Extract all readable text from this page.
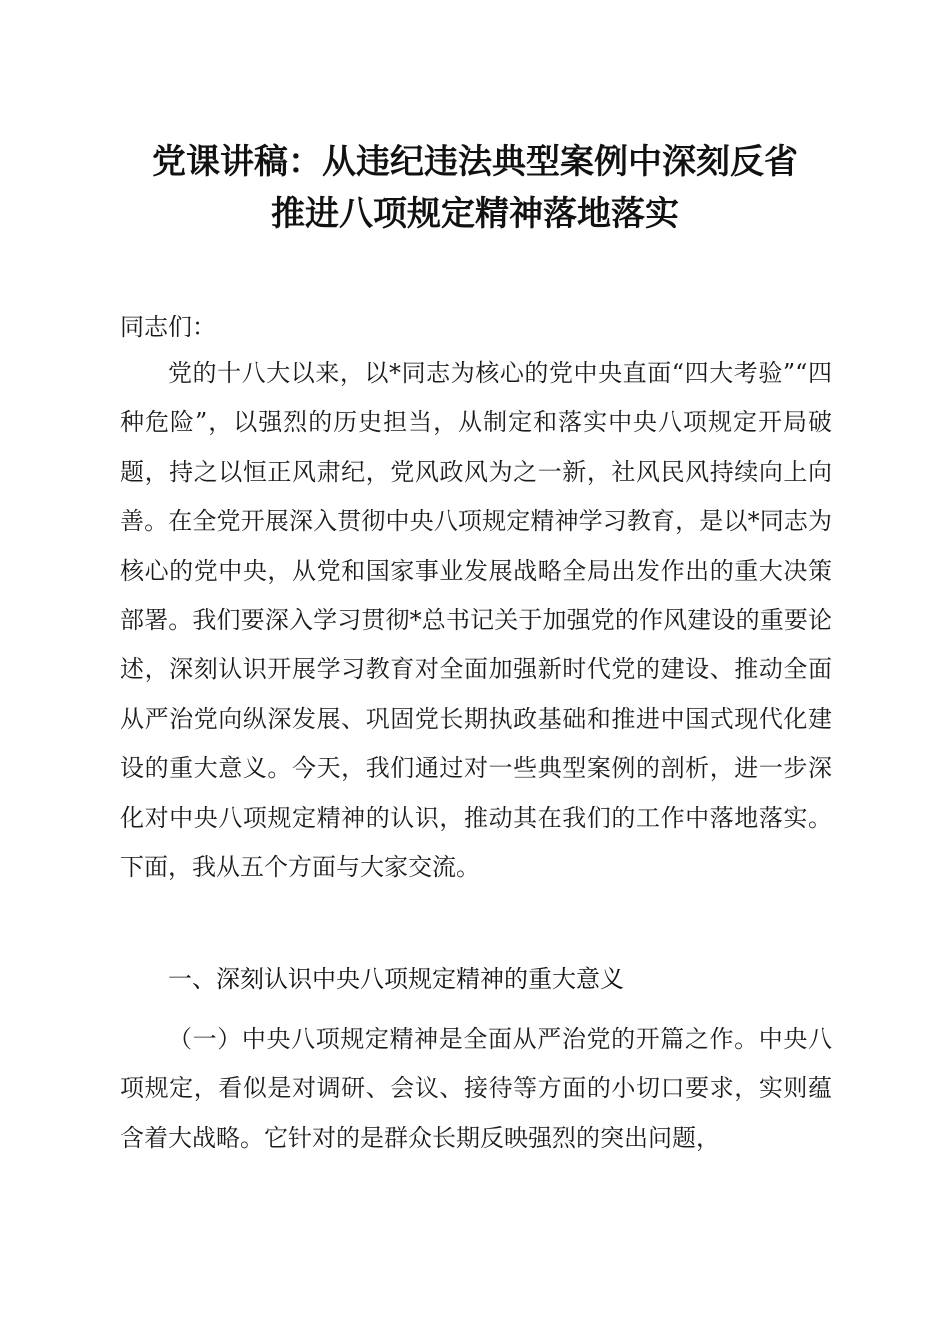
党课讲稿：从违纪违法典型案例中深刻反省
推进八项规定精神落地落实
同志们：

党的十八大以来，以*同志为核心的党中央直面“四大考验”“四种危险”，以强烈的历史担当，从制定和落实中央八项规定开局破题，持之以恒正风肃纪，党风政风为之一新，社风民风持续向上向善。在全党开展深入贯彻中央八项规定精神学习教育，是以*同志为核心的党中央，从党和国家事业发展战略全局出发作出的重大决策部署。我们要深入学习贯彻*总书记关于加强党的作风建设的重要论述，深刻认识开展学习教育对全面加强新时代党的建设、推动全面从严治党向纵深发展、巩固党长期执政基础和推进中国式现代化建设的重大意义。今天，我们通过对一些典型案例的剖析，进一步深化对中央八项规定精神的认识，推动其在我们的工作中落地落实。下面，我从五个方面与大家交流。

一、深刻认识中央八项规定精神的重大意义

（一）中央八项规定精神是全面从严治党的开篇之作。中央八项规定，看似是对调研、会议、接待等方面的小切口要求，实则蕴含着大战略。它针对的是群众长期反映强烈的突出问题，
